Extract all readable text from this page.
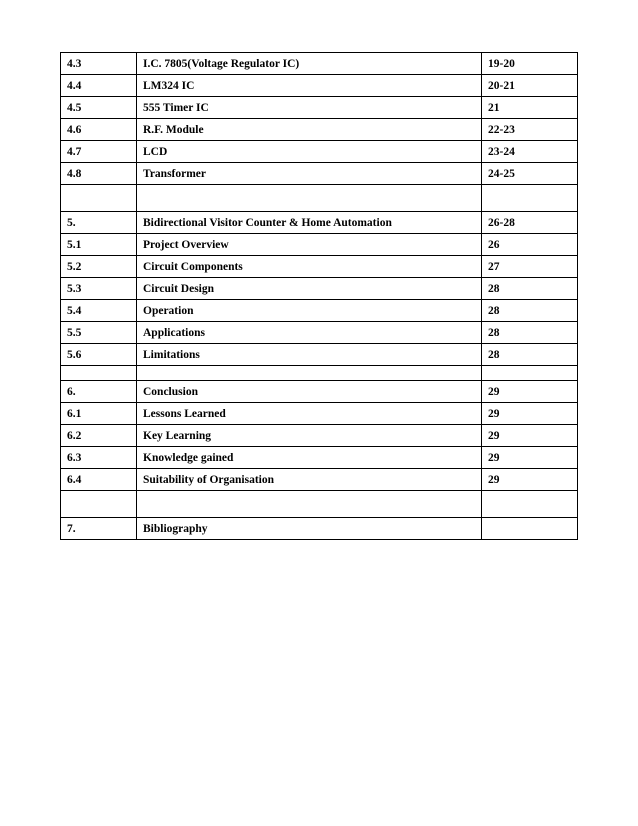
4.3	I.C. 7805(Voltage Regulator IC)	19-20
4.4	LM324 IC	20-21
4.5	555 Timer IC	21
4.6	R.F. Module	22-23
4.7	LCD	23-24
4.8	Transformer	24-25

5.	Bidirectional Visitor Counter & Home Automation	26-28
5.1	Project Overview	26
5.2	Circuit Components	27
5.3	Circuit Design	28
5.4	Operation	28
5.5	Applications	28
5.6	Limitations	28

6.	Conclusion	29
6.1	Lessons Learned	29
6.2	Key Learning	29
6.3	Knowledge gained	29
6.4	Suitability of Organisation	29

7.	Bibliography	
